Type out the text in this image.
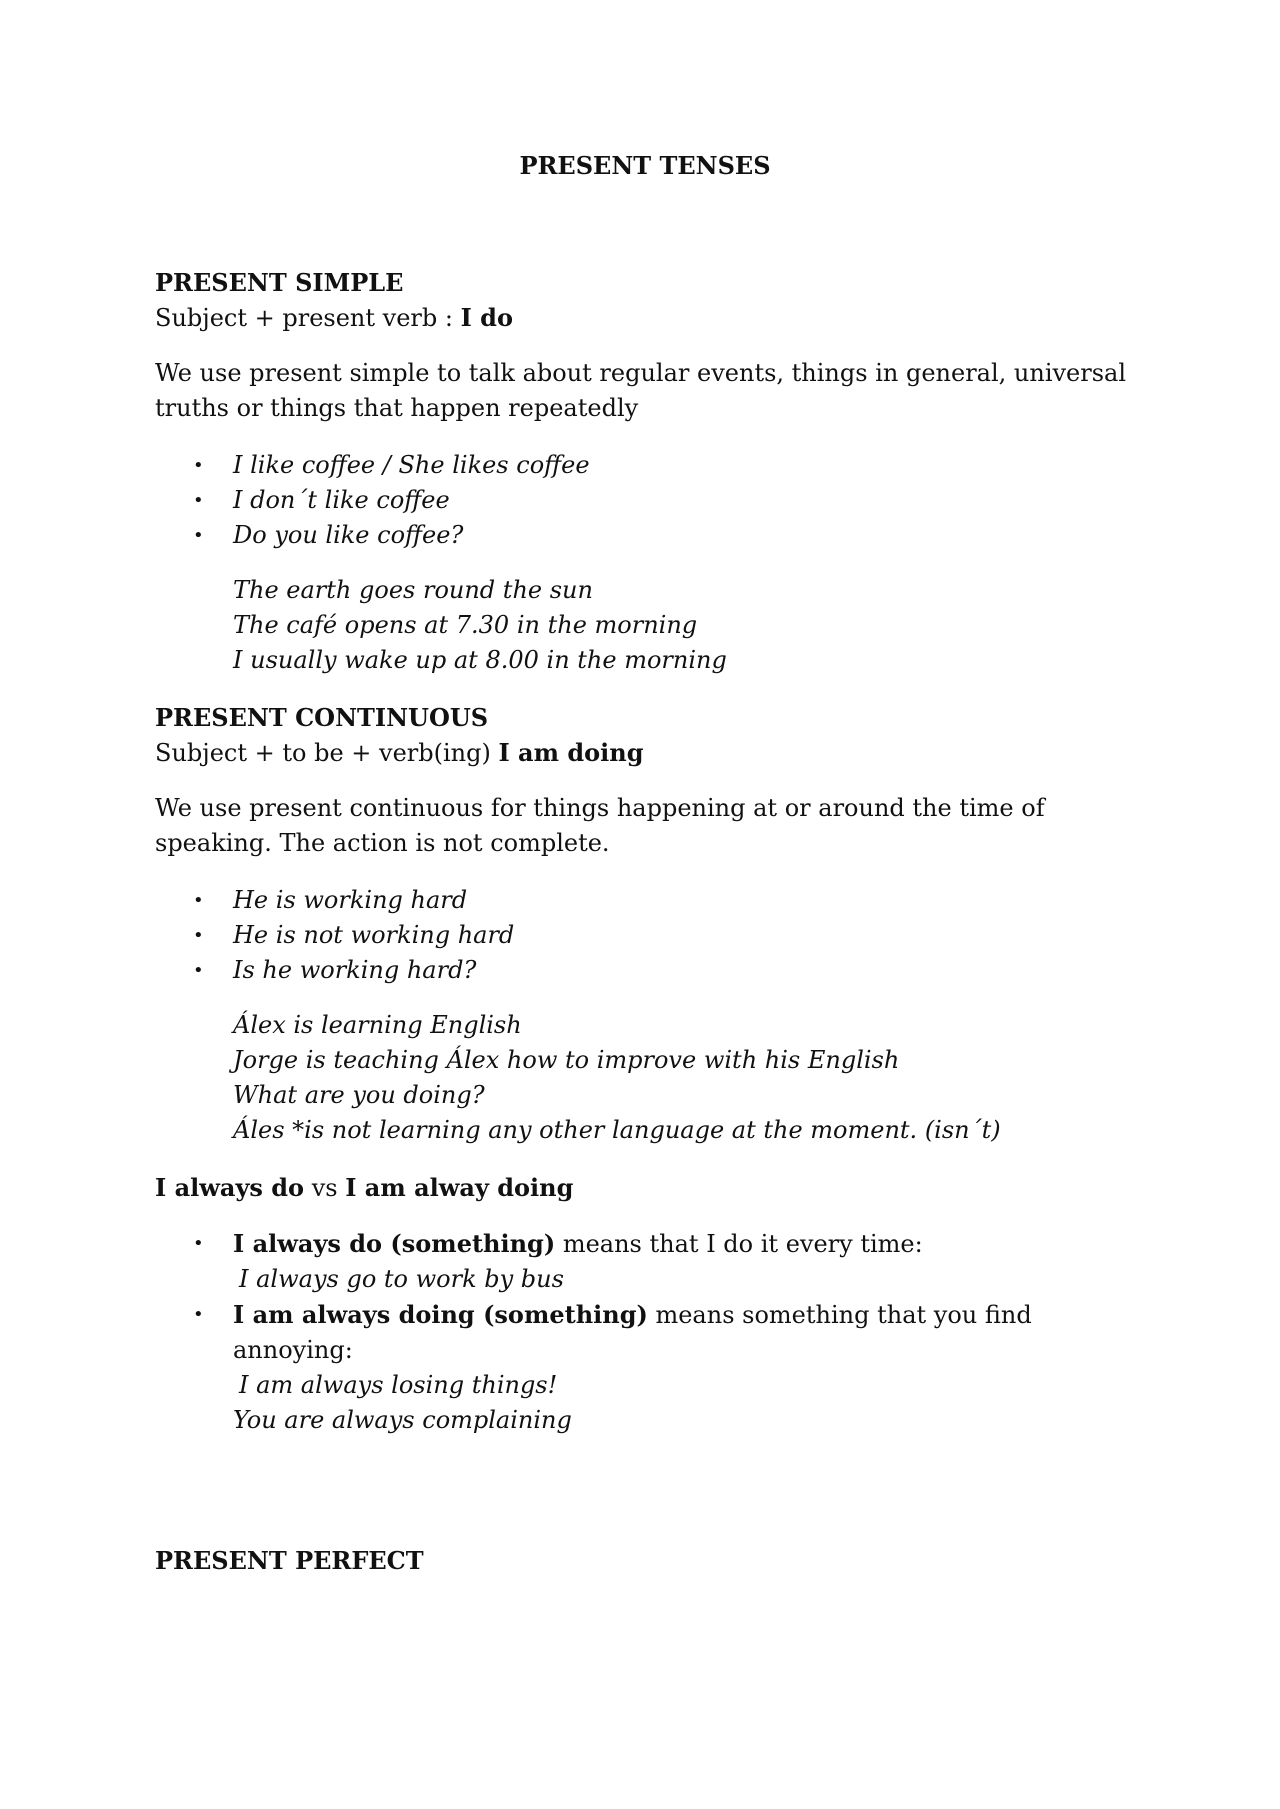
PRESENT TENSES

PRESENT SIMPLE

Subject + present verb : I do

We use present simple to talk about regular events, things in general, universal truths or things that happen repeatedly

• I like coffee / She likes coffee
• I don´t like coffee
• Do you like coffee?

The earth goes round the sun

The café opens at 7.30 in the morning

I usually wake up at 8.00 in the morning

PRESENT CONTINUOUS

Subject + to be + verb(ing) I am doing

We use present continuous for things happening at or around the time of speaking. The action is not complete.

• He is working hard
• He is not working hard
• Is he working hard?

Álex is learning English

Jorge is teaching Álex how to improve with his English

What are you doing?

Áles *is not learning any other language at the moment. (isn´t)

I always do vs I am alway doing

• I always do (something) means that I do it every time:
I always go to work by bus
• I am always doing (something) means something that you find annoying:
I am always losing things!
You are always complaining

PRESENT PERFECT
